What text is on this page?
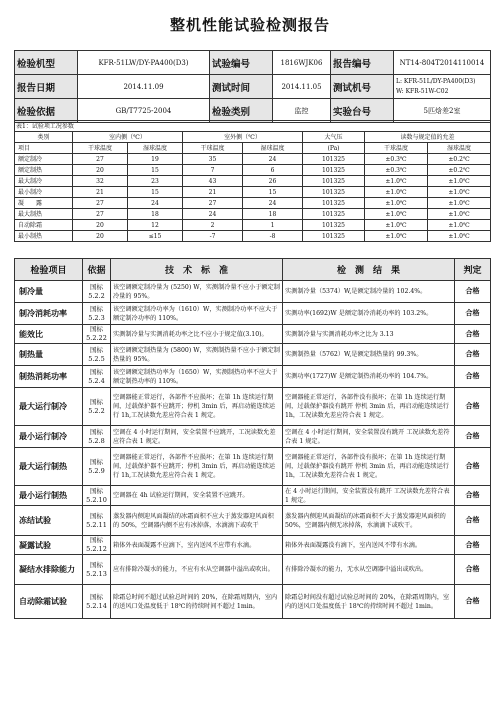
整机性能试验检测报告
检验机型	KFR-51LW/DY-PA400(D3)	试验编号	1816WJK06	报告编号	NT14-804T2014110014
报告日期	2014.11.09	测试时间	2014.11.05	测试机号	L: KFR-51L/DY-PA400(D3)
W: KFR-51W-C02

检验依据	GB/T7725-2004	检验类别	监控	实验台号	5匹焓差2室
表1：试验项工况参数							
类别	室内侧（℃）		室外侧（℃）		大气压	读数与规定值的允差	
项目	干球温度	湿球温度	干球温度	湿球温度	(Pa)	干球温度	湿球温度
额定制冷	27	19	35	24	101325	±0.3℃	±0.2℃
额定制热	20	15	7	6	101325	±0.3℃	±0.2℃
最大制冷	32	23	43	26	101325	±1.0℃	±1.0℃
最小制冷	21	15	21	15	101325	±1.0℃	±1.0℃
凝　　露	27	24	27	24	101325	±1.0℃	±1.0℃
最大制热	27	18	24	18	101325	±1.0℃	±1.0℃
自动除霜	20	12	2	1	101325	±1.0℃	±1.0℃
最小制热	20	≤15	-7	-8	101325	±1.0℃	±1.0℃
检验项目	依据	技　术　标　准	检　测　结　果	判定
制冷量	国标 5.2.2	该空调额定制冷量为 (5250) W，实测制冷量不应小于额定制冷量的 95%。	实测制冷量（5374）W,是额定制冷量的 102.4%。	合格
制冷消耗功率	国标 5.2.3	该空调额定制冷功率为（1610）W，实测制冷功率不应大于额定制冷功率的 110%。	实测功率(1692)W 是额定制冷消耗功率的 103.2%。	合格
能效比	国标 5.2.22	实测制冷量与实测消耗功率之比不应小于规定值(3.10)。	实测制冷量与实测消耗功率之比为 3.13	合格
制热量	国标 5.2.5	该空调额定制热量为 (5800) W，实测制热量不应小于额定制热量的 95%。	实测制热量（5762）W,是额定制热量的 99.3%。	合格
制热消耗功率	国标 5.2.4	该空调额定制热功率为（1650）W，实测制热功率不应大于额定制热功率的 110%。	实测功率(1727)W 是额定制热消耗功率的 104.7%。	合格
最大运行制冷	国标 5.2.2	空调器能正常运行，各部件不应损坏；在第 1h 连续运行期间，过载保护器不应跳开；停机 3min 后，再启动能连续运行 1h,工况读数允差应符合表 1 规定。	空调器能正常运行，各部件没有损坏；在第 1h 连续运行期间，过载保护器没有跳开 停机 3min 后，再启动能连续运行 1h，工况读数允差应符合表 1 规定。	合格
最小运行制冷	国标 5.2.8	空调在 4 小时运行期间，安全装置不应跳开，工况读数允差应符合表 1 规定。	空调在 4 小时运行期间，安全装置没有跳开 工况读数允差符合表 1 规定。	合格
最大运行制热	国标 5.2.9	空调器能正常运行，各部件不应损坏；在第 1h 连续运行期间，过载保护器不应跳开；停机 3min 后，再启动能连续运行 1h,工况读数允差应符合表 1 规定。	空调器能正常运行，各部件没有损坏；在第 1h 连续运行期间，过载保护器没有跳开 停机 3min 后，再启动能连续运行 1h，工况读数允差符合表 1 规定。	合格
最小运行制热	国标 5.2.10	空调器在 4h 试验运行期间，安全装置不应跳开。	在 4 小时运行期间，安全装置没有跳开 工况读数允差符合表 1 规定。	合格
冻结试验	国标 5.2.11	蒸发器内侧迎风面凝结的冰霜面积不应大于蒸发器迎风面积的 50%，空调器内侧不应有冰掉落，水滴滴下或吹干	蒸发器内侧迎风面凝结的冰霜面积不大于蒸发器迎风面积的 50%，空调器内侧无冰掉落，水滴滴下或吹干。	合格
凝露试验	国标 5.2.12	箱体外表面凝露不应滴下，室内送风不应带有水滴。	箱体外表面凝露没有滴下，室内送风不带有水滴。	合格
凝结水排除能力	国标 5.2.13	应有排除冷凝水的能力，不应有水从空调器中溢出或吹出。	有排除冷凝水的能力，无水从空调器中溢出或吹出。	合格
自动除霜试验	国标 5.2.14	除霜总时间不超过试验总时间的 20%，在除霜周期内，室内的送风口处温度低于 18℃的持续时间不超过 1min。	除霜总时间没有超过试验总时间的 20%，在除霜周期内，室内的送风口处温度低于 18℃的持续时间不超过 1min。	合格
